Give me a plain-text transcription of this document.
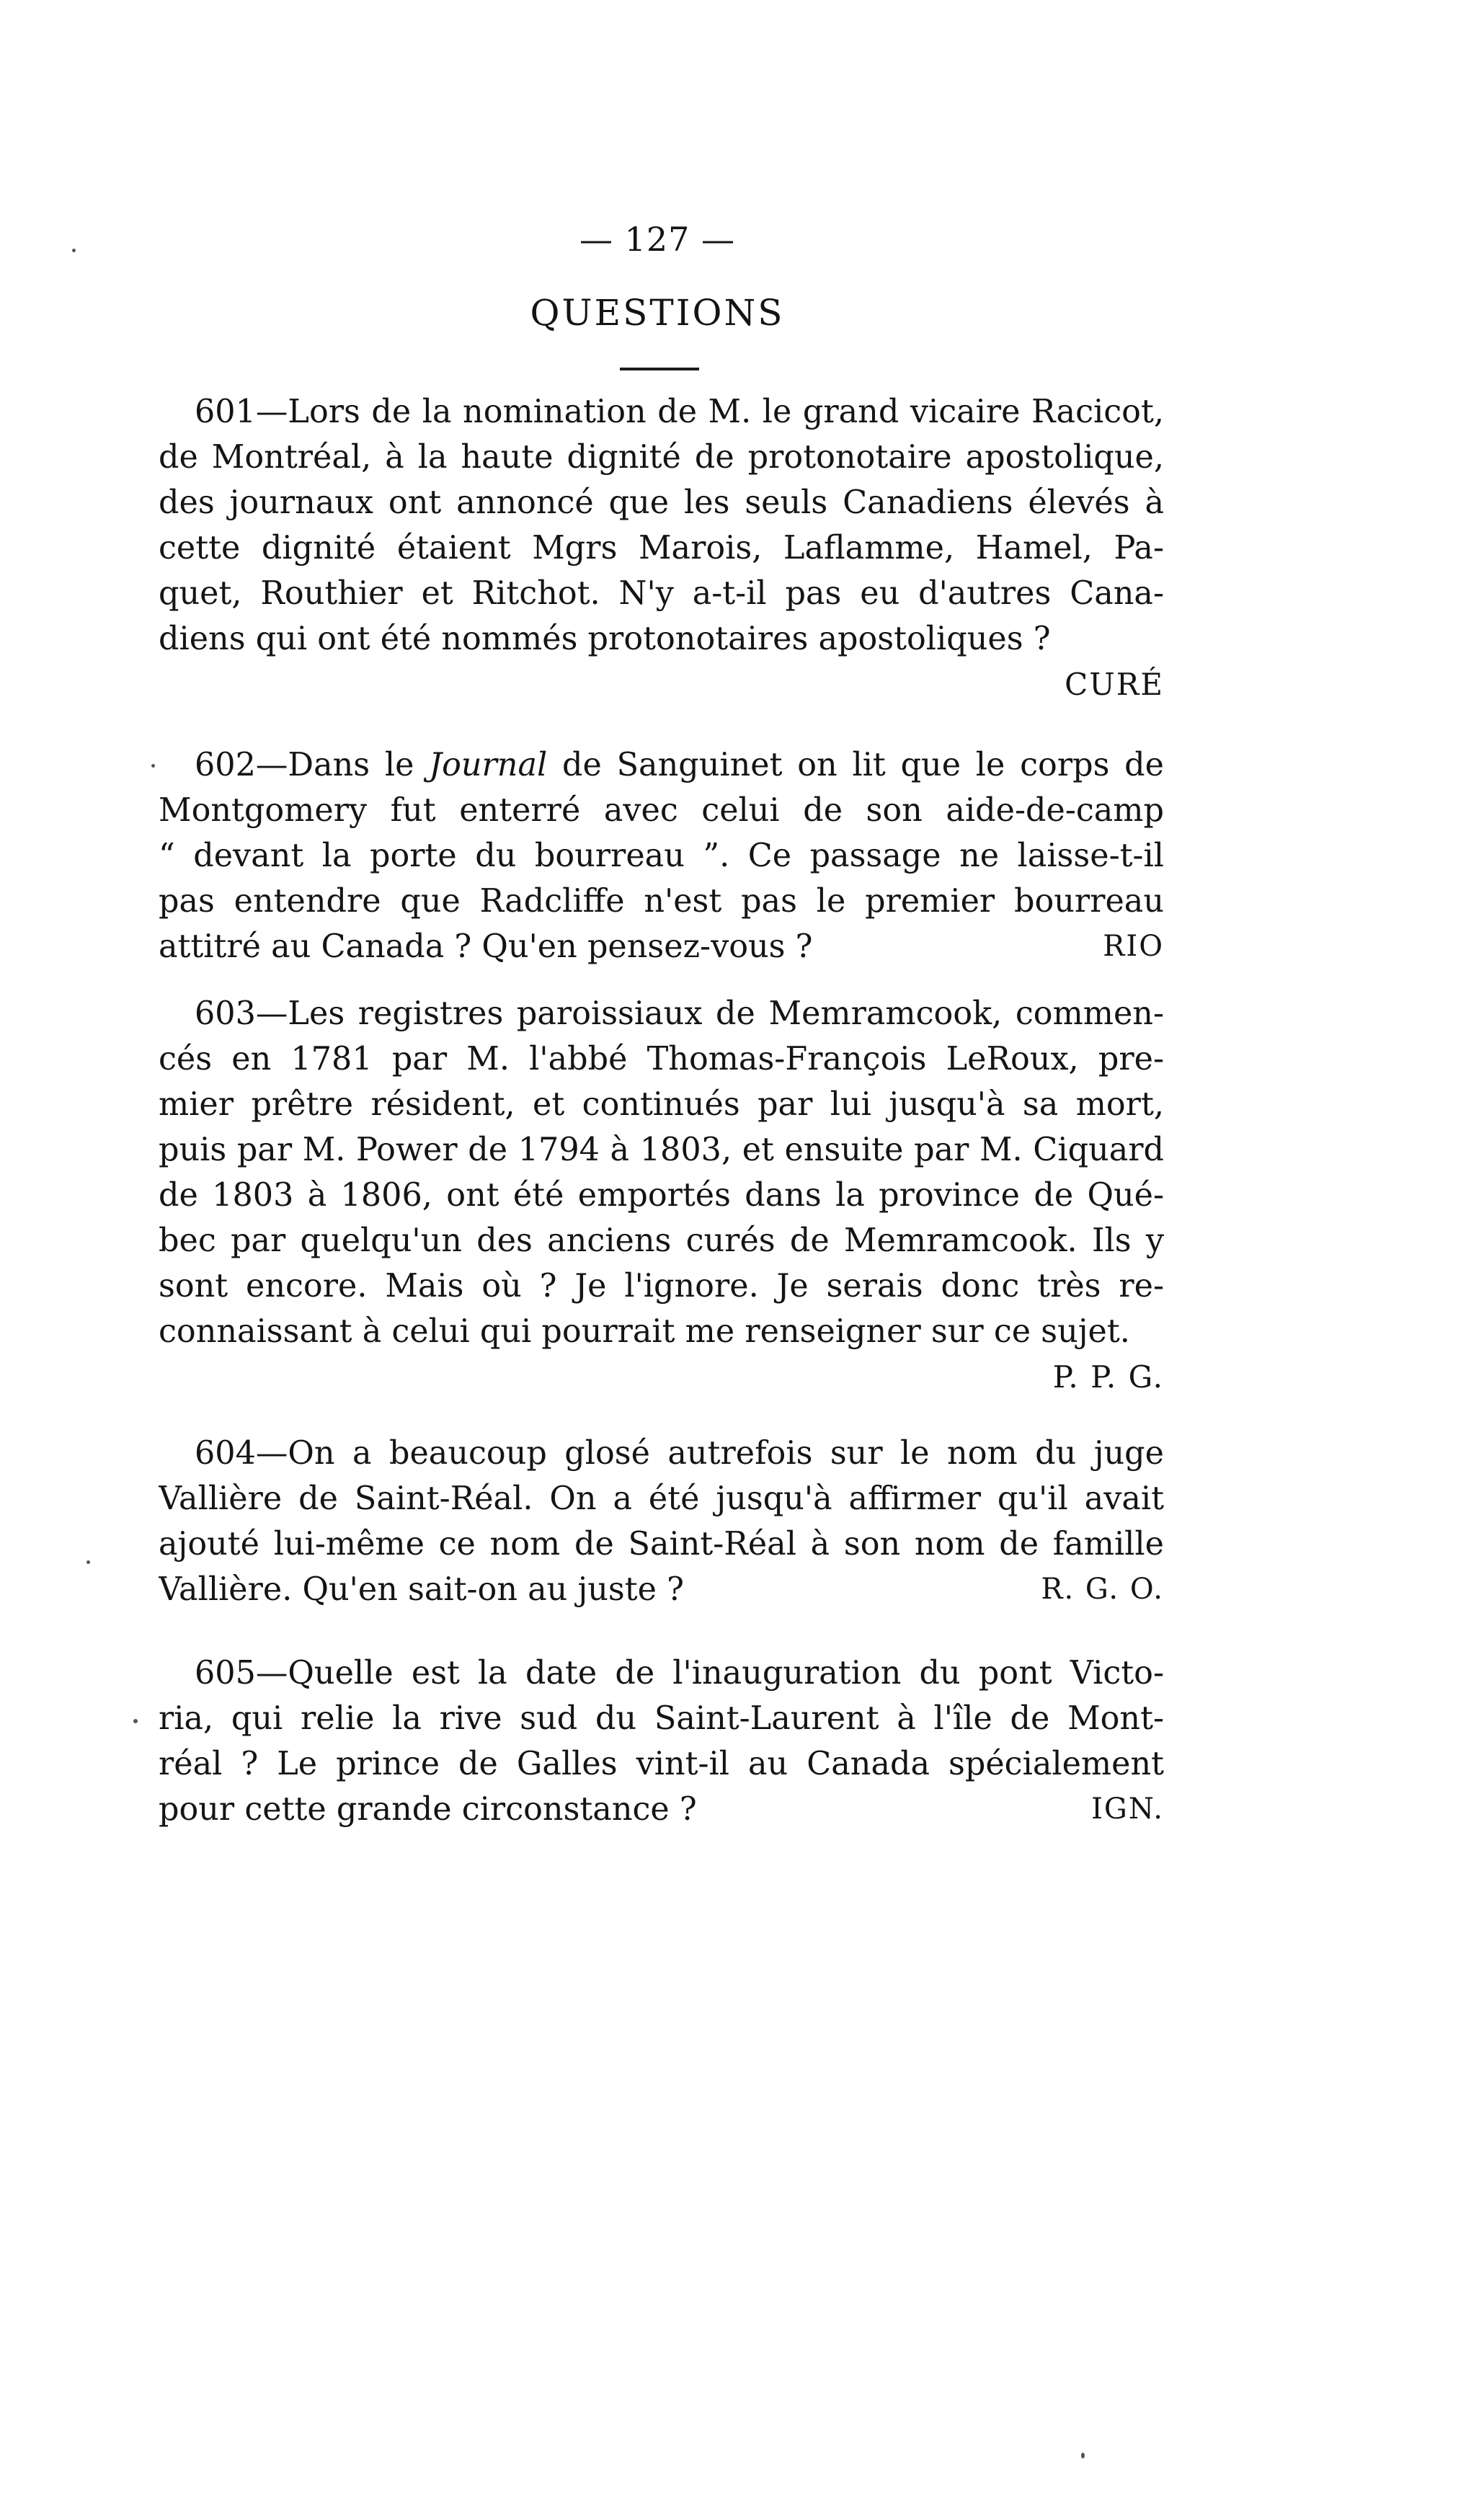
— 127 —
QUESTIONS
601—Lors de la nomination de M. le grand vicaire Racicot,
de Montréal, à la haute dignité de protonotaire apostolique,
des journaux ont annoncé que les seuls Canadiens élevés à
cette dignité étaient Mgrs Marois, Laflamme, Hamel, Pa-
quet, Routhier et Ritchot. N'y a-t-il pas eu d'autres Cana-
diens qui ont été nommés protonotaires apostoliques ?
CURÉ
602—Dans le Journal de Sanguinet on lit que le corps de
Montgomery fut enterré avec celui de son aide-de-camp
“ devant la porte du bourreau ”. Ce passage ne laisse-t-il
pas entendre que Radcliffe n'est pas le premier bourreau
attitré au Canada ? Qu'en pensez-vous ?	RIO
603—Les registres paroissiaux de Memramcook, commen-
cés en 1781 par M. l'abbé Thomas-François LeRoux, pre-
mier prêtre résident, et continués par lui jusqu'à sa mort,
puis par M. Power de 1794 à 1803, et ensuite par M. Ciquard
de 1803 à 1806, ont été emportés dans la province de Qué-
bec par quelqu'un des anciens curés de Memramcook. Ils y
sont encore. Mais où ? Je l'ignore. Je serais donc très re-
connaissant à celui qui pourrait me renseigner sur ce sujet.
P. P. G.
604—On a beaucoup glosé autrefois sur le nom du juge
Vallière de Saint-Réal. On a été jusqu'à affirmer qu'il avait
ajouté lui-même ce nom de Saint-Réal à son nom de famille
Vallière. Qu'en sait-on au juste ?	R. G. O.
605—Quelle est la date de l'inauguration du pont Victo-
ria, qui relie la rive sud du Saint-Laurent à l'île de Mont-
réal ? Le prince de Galles vint-il au Canada spécialement
pour cette grande circonstance ?	IGN.
